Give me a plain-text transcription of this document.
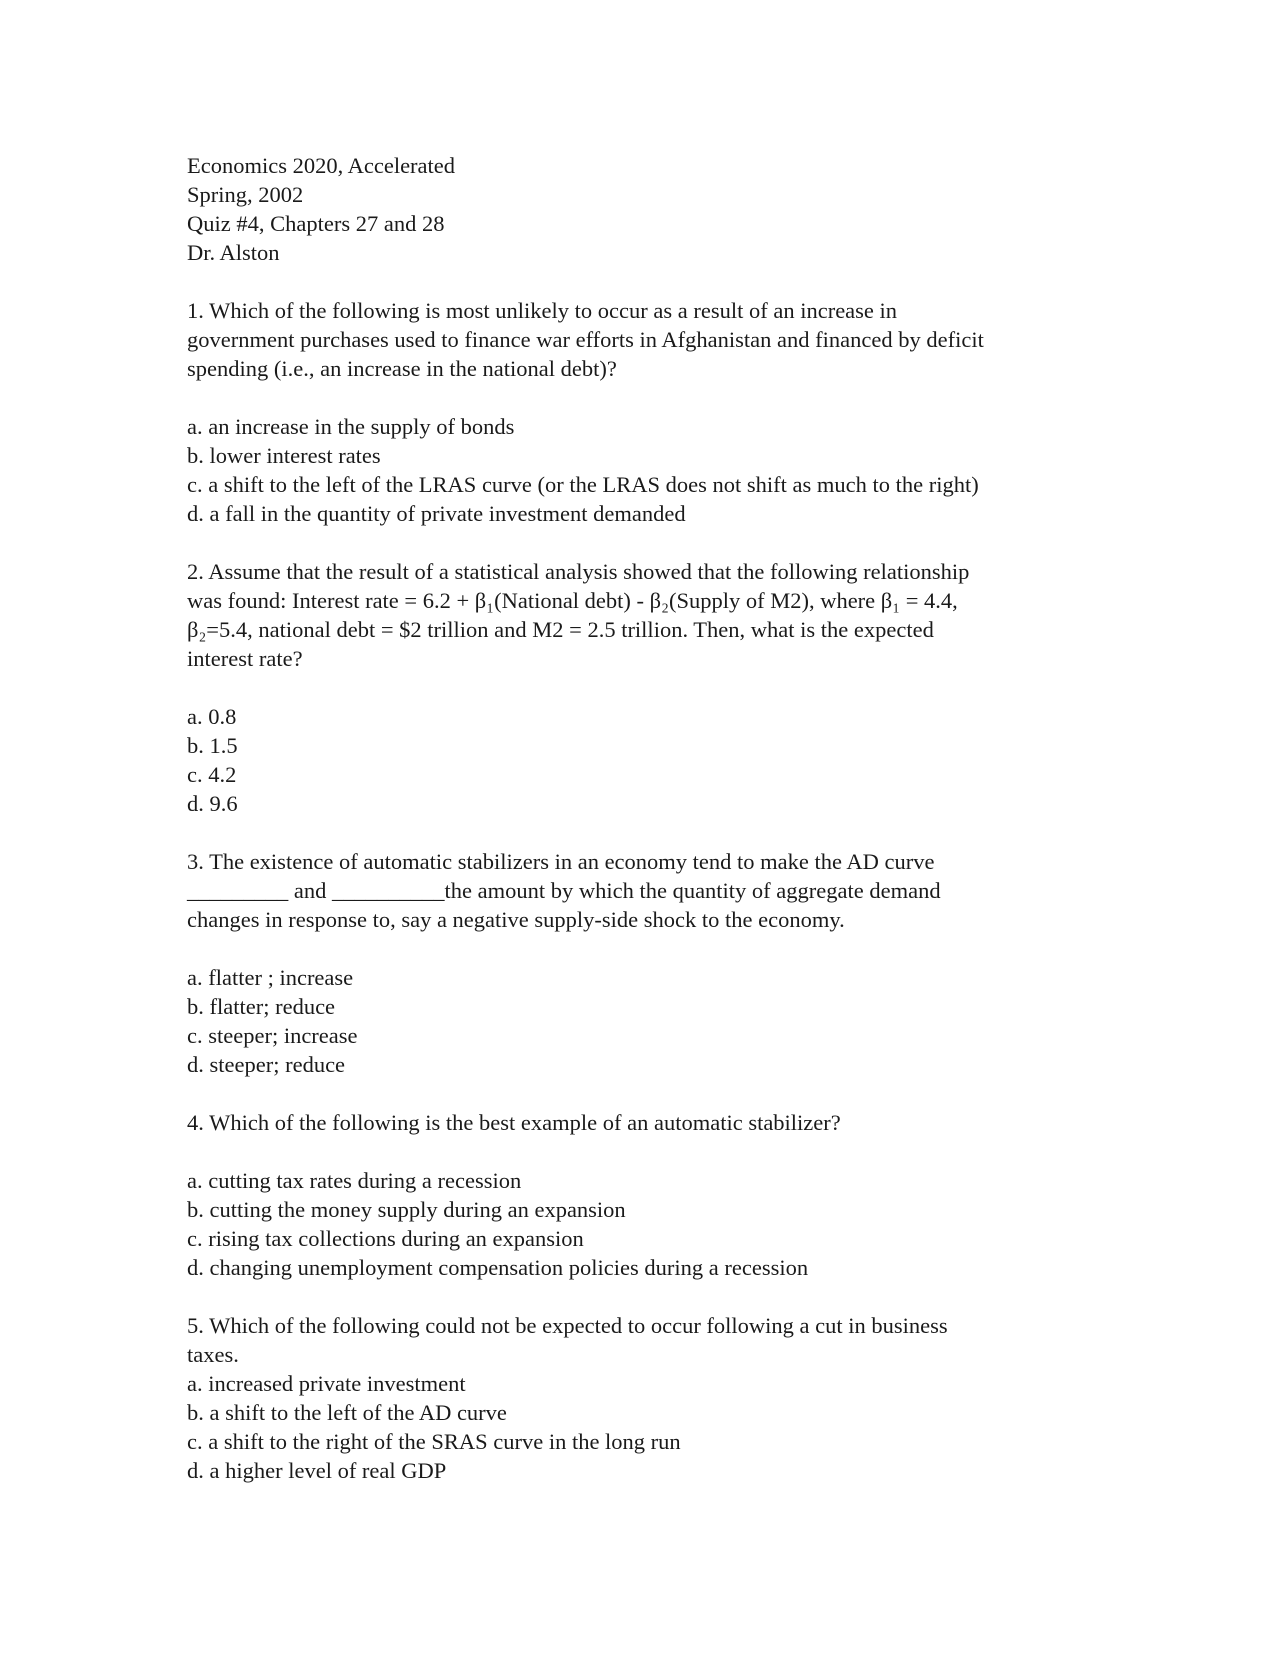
Economics 2020, Accelerated
Spring, 2002
Quiz #4, Chapters 27 and 28
Dr. Alston
1. Which of the following is most unlikely to occur as a result of an increase in
government purchases used to finance war efforts in Afghanistan and financed by deficit
spending (i.e., an increase in the national debt)?
a. an increase in the supply of bonds
b. lower interest rates
c. a shift to the left of the LRAS curve (or the LRAS does not shift as much to the right)
d. a fall in the quantity of private investment demanded
2. Assume that the result of a statistical analysis showed that the following relationship
was found: Interest rate = 6.2 + β₁(National debt) - β₂(Supply of M2), where β₁ = 4.4,
β₂=5.4, national debt = $2 trillion and M2 = 2.5 trillion. Then, what is the expected
interest rate?
a. 0.8
b. 1.5
c. 4.2
d. 9.6
3. The existence of automatic stabilizers in an economy tend to make the AD curve
_________ and __________the amount by which the quantity of aggregate demand
changes in response to, say a negative supply-side shock to the economy.
a. flatter ; increase
b. flatter; reduce
c. steeper; increase
d. steeper; reduce
4. Which of the following is the best example of an automatic stabilizer?
a. cutting tax rates during a recession
b. cutting the money supply during an expansion
c. rising tax collections during an expansion
d. changing unemployment compensation policies during a recession
5. Which of the following could not be expected to occur following a cut in business
taxes.
a. increased private investment
b. a shift to the left of the AD curve
c. a shift to the right of the SRAS curve in the long run
d. a higher level of real GDP
